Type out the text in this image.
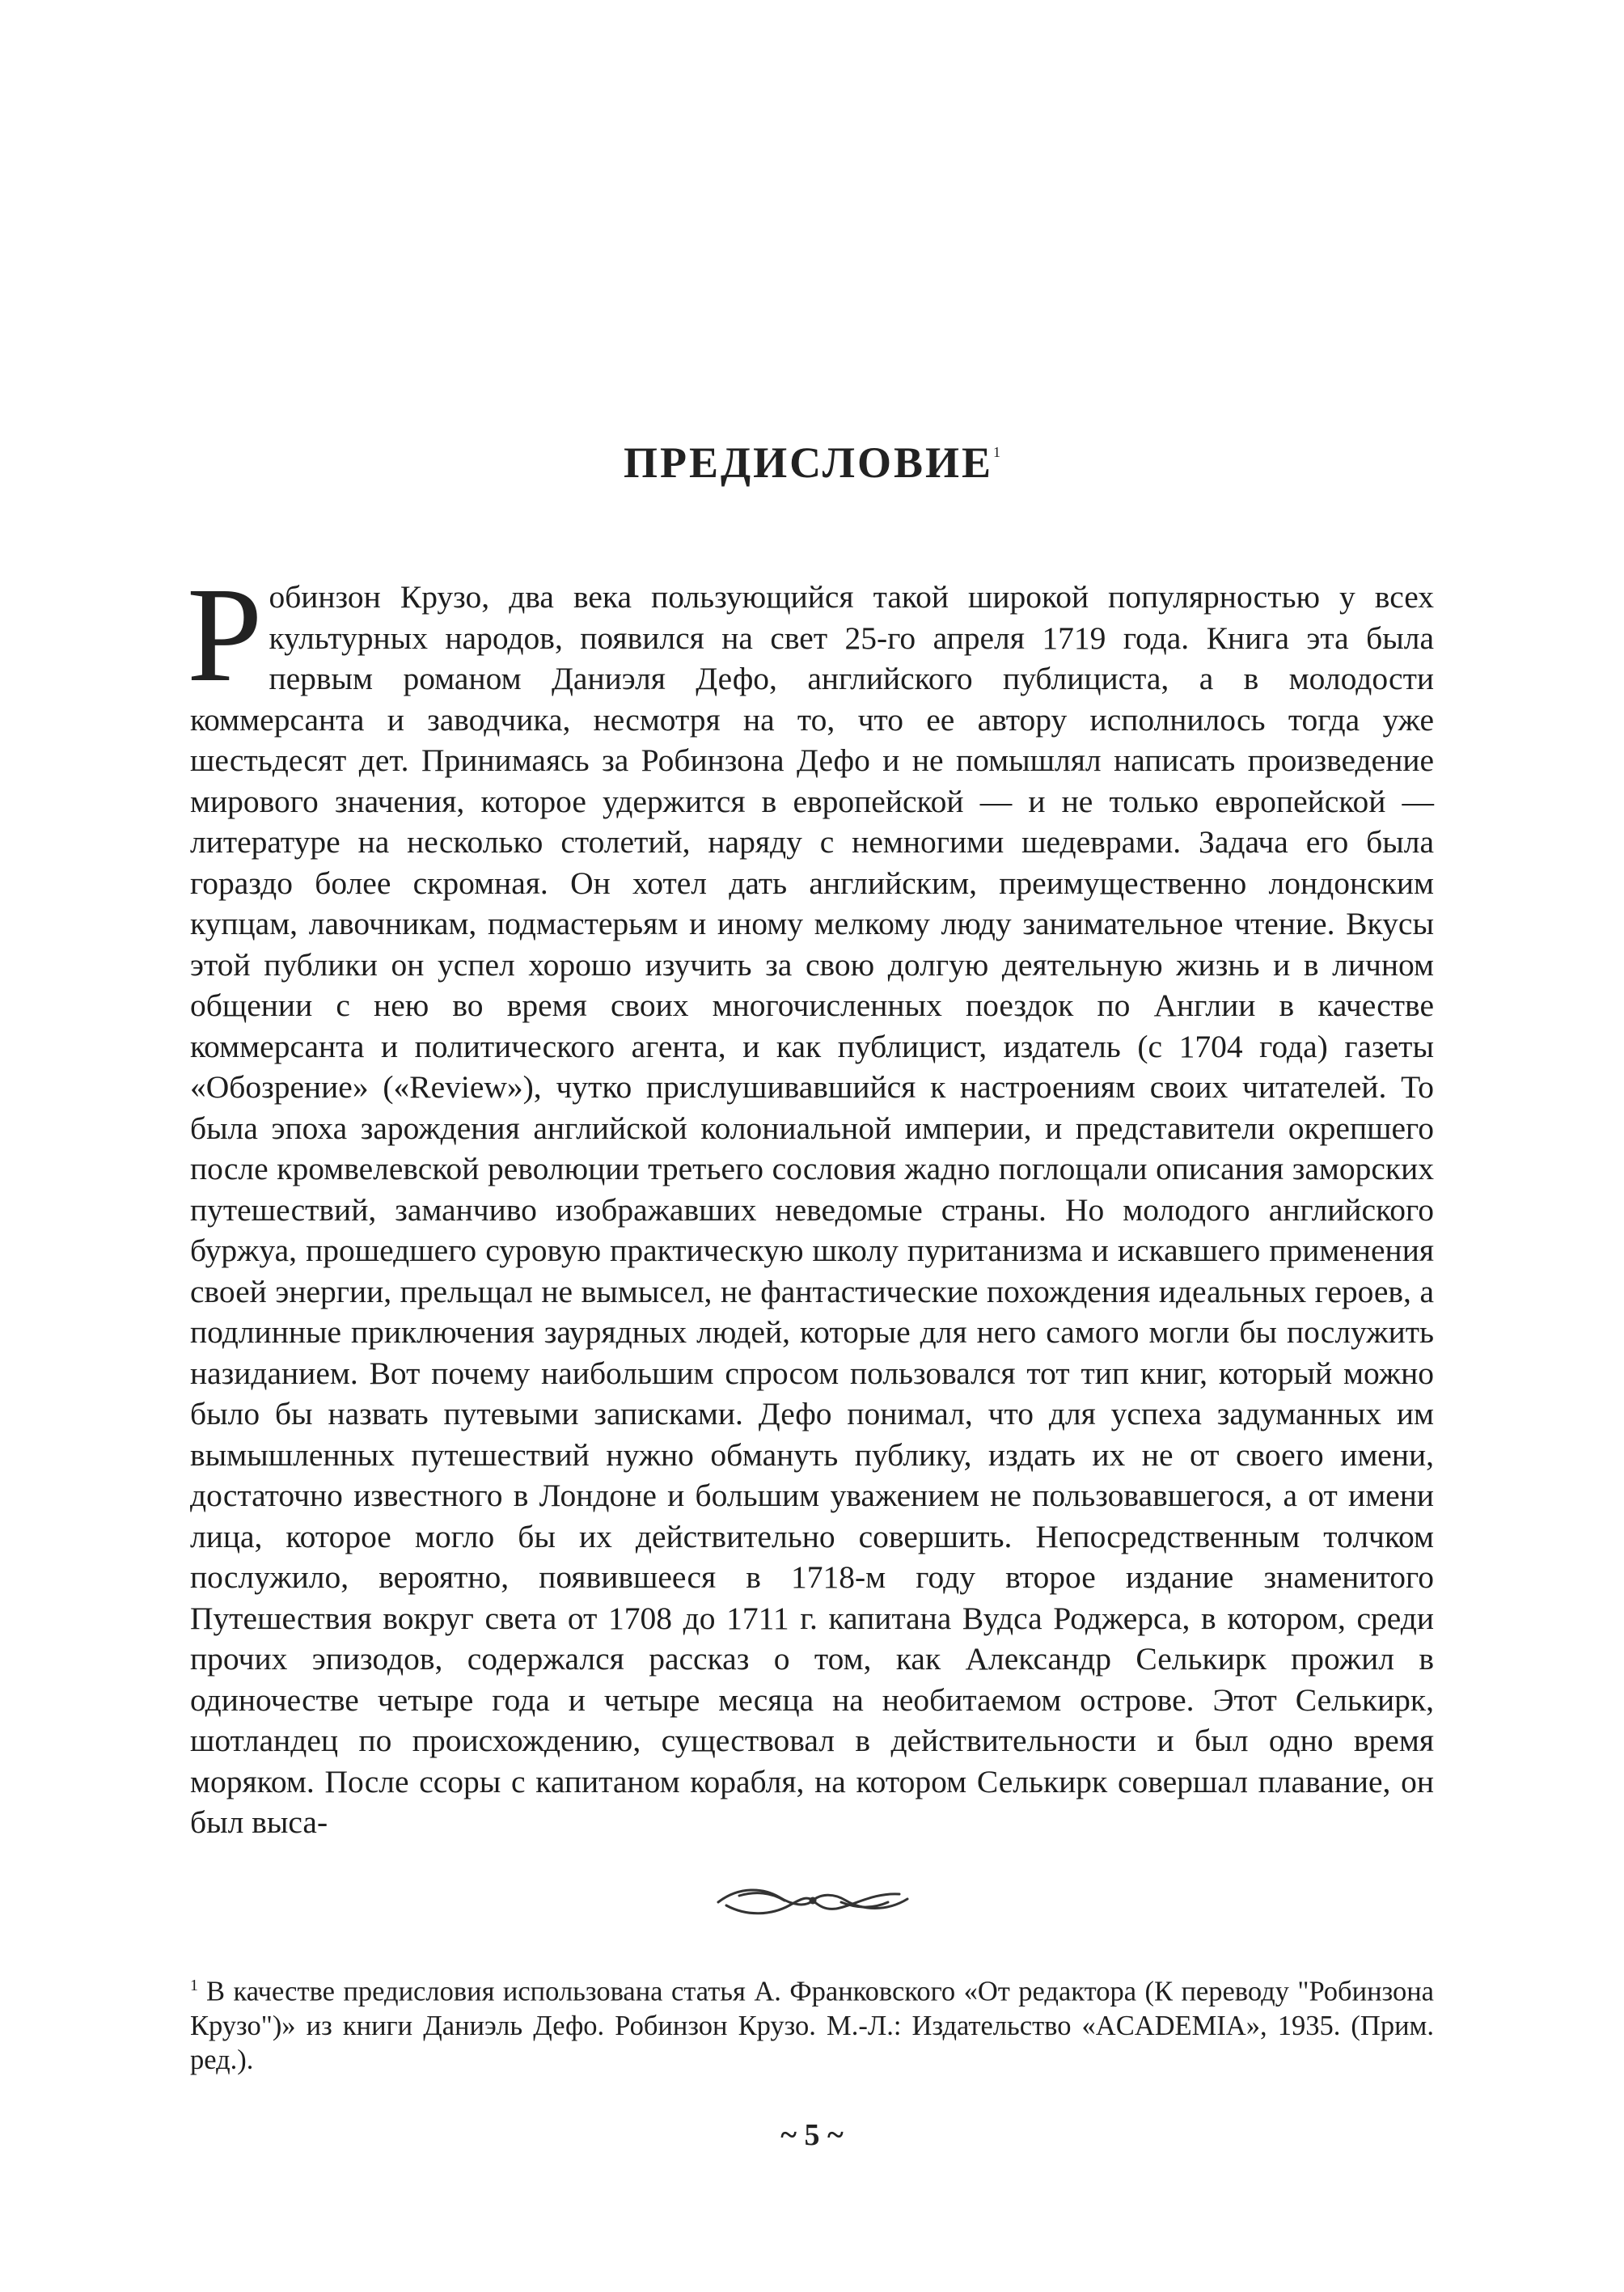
ПРЕДИСЛОВИЕ$^1$
Робинзон Крузо, два века пользующийся такой широкой популярностью у всех культурных народов, появился на свет 25-го апреля 1719 года. Книга эта была первым романом Даниэля Дефо, английского публициста, а в молодости коммерсанта и заводчика, несмотря на то, что ее автору исполнилось тогда уже шестьдесят дет. Принимаясь за Робинзона Дефо и не помышлял написать произведение мирового значения, которое удержится в европейской — и не только европейской — литературе на несколько столетий, наряду с немногими шедеврами. Задача его была гораздо более скромная. Он хотел дать английским, преимущественно лондонским купцам, лавочникам, подмастерьям и иному мелкому люду занимательное чтение. Вкусы этой публики он успел хорошо изучить за свою долгую деятельную жизнь и в личном общении с нею во время своих многочисленных поездок по Англии в качестве коммерсанта и политического агента, и как публицист, издатель (с 1704 года) газеты «Обозрение» («Review»), чутко прислушивавшийся к настроениям своих читателей. То была эпоха зарождения английской колониальной империи, и представители окрепшего после кромвелевской революции третьего сословия жадно поглощали описания заморских путешествий, заманчиво изображавших неведомые страны. Но молодого английского буржуа, прошедшего суровую практическую школу пуританизма и искавшего применения своей энергии, прельщал не вымысел, не фантастические похождения идеальных героев, а подлинные приключения заурядных людей, которые для него самого могли бы послужить назиданием. Вот почему наибольшим спросом пользовался тот тип книг, который можно было бы назвать путевыми записками. Дефо понимал, что для успеха задуманных им вымышленных путешествий нужно обмануть публику, издать их не от своего имени, достаточно известного в Лондоне и большим уважением не пользовавшегося, а от имени лица, которое могло бы их действительно совершить. Непосредственным толчком послужило, вероятно, появившееся в 1718-м году второе издание знаменитого Путешествия вокруг света от 1708 до 1711 г. капитана Вудса Роджерса, в котором, среди прочих эпизодов, содержался рассказ о том, как Александр Селькирк прожил в одиночестве четыре года и четыре месяца на необитаемом острове. Этот Селькирк, шотландец по происхождению, существовал в действительности и был одно время моряком. После ссоры с капитаном корабля, на котором Селькирк совершал плавание, он был выса-
$^1$ В качестве предисловия использована статья А. Франковского «От редактора (К переводу "Робинзона Крузо")» из книги Даниэль Дефо. Робинзон Крузо. М.-Л.: Издательство «ACADEMIA», 1935. (Прим. ред.).
~ 5 ~
